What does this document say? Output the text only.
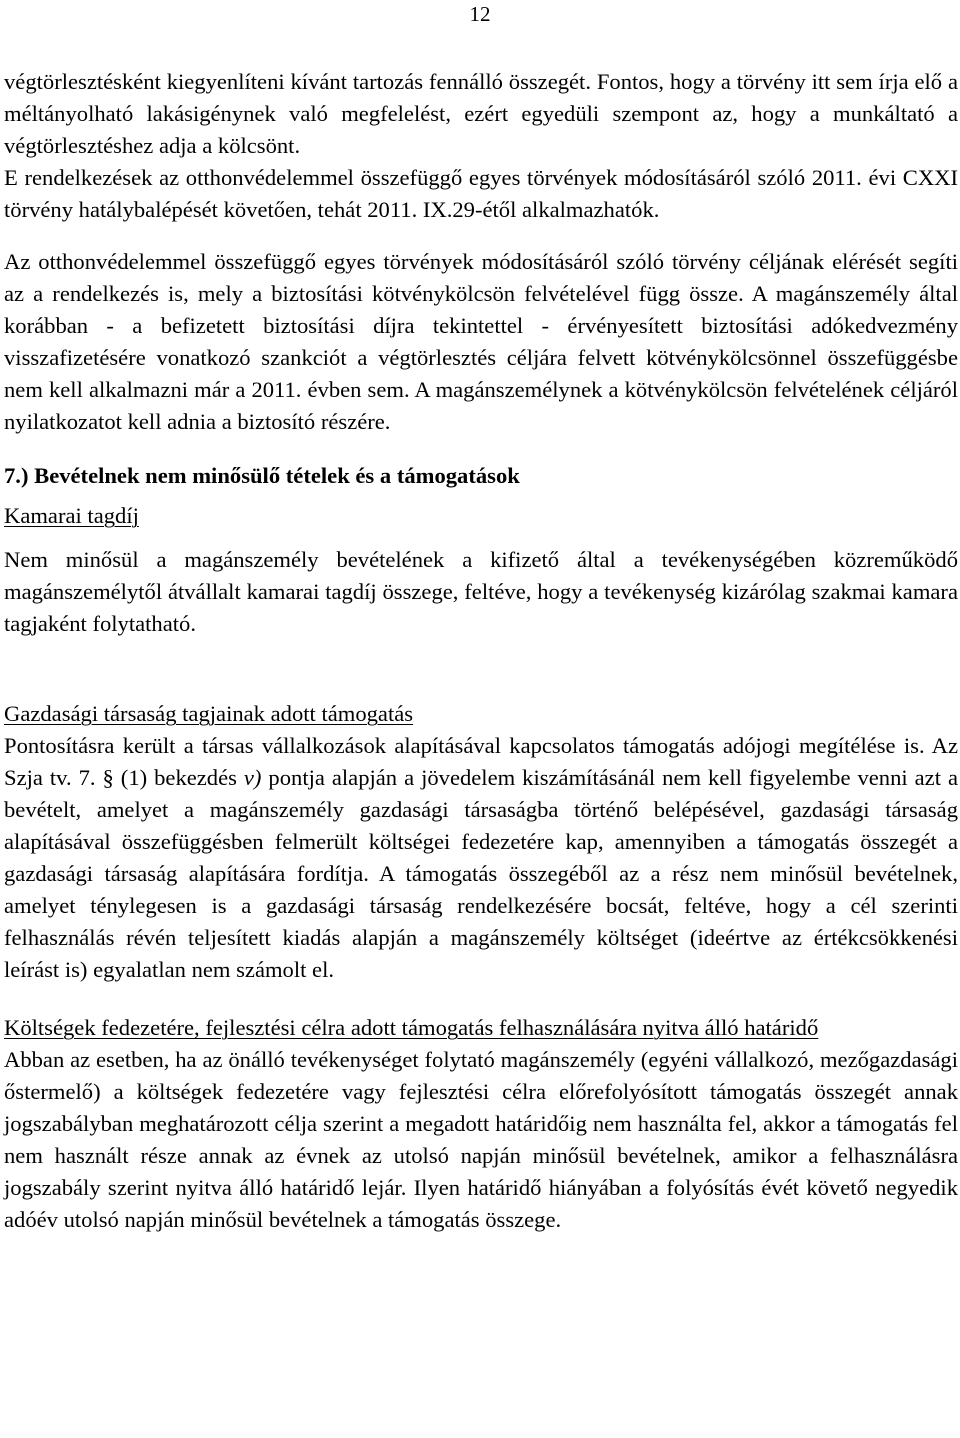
12

végtörlesztésként kiegyenlíteni kívánt tartozás fennálló összegét. Fontos, hogy a törvény itt sem írja elő a méltányolható lakásigénynek való megfelelést, ezért egyedüli szempont az, hogy a munkáltató a végtörlesztéshez adja a kölcsönt.

E rendelkezések az otthonvédelemmel összefüggő egyes törvények módosításáról szóló 2011. évi CXXI törvény hatálybalépését követően, tehát 2011. IX.29-étől alkalmazhatók.

Az otthonvédelemmel összefüggő egyes törvények módosításáról szóló törvény céljának elérését segíti az a rendelkezés is, mely a biztosítási kötvénykölcsön felvételével függ össze. A magánszemély által korábban - a befizetett biztosítási díjra tekintettel - érvényesített biztosítási adókedvezmény visszafizetésére vonatkozó szankciót a végtörlesztés céljára felvett kötvénykölcsönnel összefüggésbe nem kell alkalmazni már a 2011. évben sem. A magánszemélynek a kötvénykölcsön felvételének céljáról nyilatkozatot kell adnia a biztosító részére.

7.) Bevételnek nem minősülő tételek és a támogatások

Kamarai tagdíj

Nem minősül a magánszemély bevételének a kifizető által a tevékenységében közreműködő magánszemélytől átvállalt kamarai tagdíj összege, feltéve, hogy a tevékenység kizárólag szakmai kamara tagjaként folytatható.

Gazdasági társaság tagjainak adott támogatás

Pontosításra került a társas vállalkozások alapításával kapcsolatos támogatás adójogi megítélése is. Az Szja tv. 7. § (1) bekezdés v) pontja alapján a jövedelem kiszámításánál nem kell figyelembe venni azt a bevételt, amelyet a magánszemély gazdasági társaságba történő belépésével, gazdasági társaság alapításával összefüggésben felmerült költségei fedezetére kap, amennyiben a támogatás összegét a gazdasági társaság alapítására fordítja. A támogatás összegéből az a rész nem minősül bevételnek, amelyet ténylegesen is a gazdasági társaság rendelkezésére bocsát, feltéve, hogy a cél szerinti felhasználás révén teljesített kiadás alapján a magánszemély költséget (ideértve az értékcsökkenési leírást is) egyalatlan nem számolt el.

Költségek fedezetére, fejlesztési célra adott támogatás felhasználására nyitva álló határidő

Abban az esetben, ha az önálló tevékenységet folytató magánszemély (egyéni vállalkozó, mezőgazdasági őstermelő) a költségek fedezetére vagy fejlesztési célra előrefolyósított támogatás összegét annak jogszabályban meghatározott célja szerint a megadott határidőig nem használta fel, akkor a támogatás fel nem használt része annak az évnek az utolsó napján minősül bevételnek, amikor a felhasználásra jogszabály szerint nyitva álló határidő lejár. Ilyen határidő hiányában a folyósítás évét követő negyedik adóév utolsó napján minősül bevételnek a támogatás összege.
